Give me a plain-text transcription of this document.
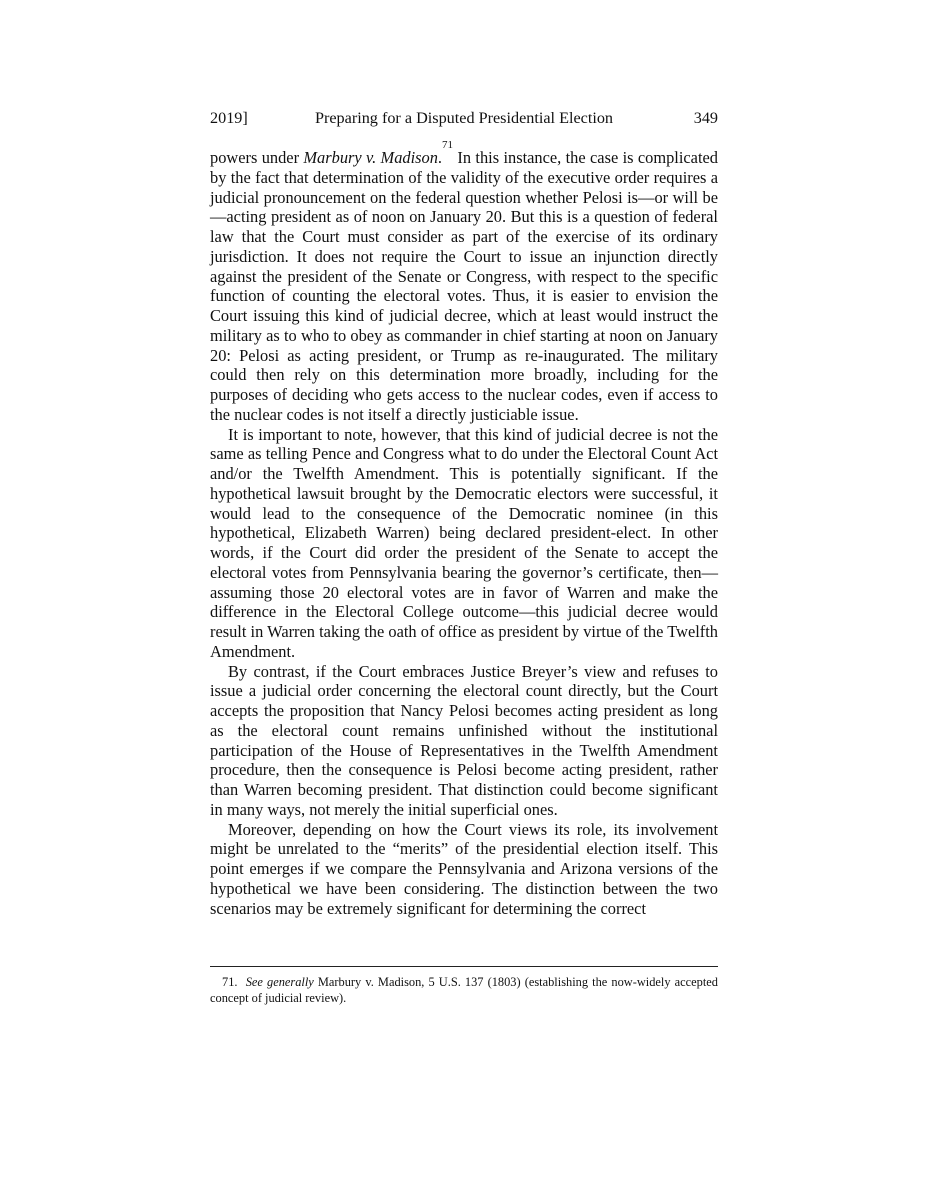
2019]	Preparing for a Disputed Presidential Election	349

powers under Marbury v. Madison.$^{71}$ In this instance, the case is complicated by the fact that determination of the validity of the executive order requires a judicial pronouncement on the federal question whether Pelosi is—or will be—acting president as of noon on January 20. But this is a question of federal law that the Court must consider as part of the exercise of its ordinary jurisdiction. It does not require the Court to issue an injunction directly against the president of the Senate or Congress, with respect to the specific function of counting the electoral votes. Thus, it is easier to envision the Court issuing this kind of judicial decree, which at least would instruct the military as to who to obey as commander in chief starting at noon on January 20: Pelosi as acting president, or Trump as re-inaugurated. The military could then rely on this determination more broadly, including for the purposes of deciding who gets access to the nuclear codes, even if access to the nuclear codes is not itself a directly justiciable issue.

It is important to note, however, that this kind of judicial decree is not the same as telling Pence and Congress what to do under the Electoral Count Act and/or the Twelfth Amendment. This is potentially significant. If the hypothetical lawsuit brought by the Democratic electors were successful, it would lead to the consequence of the Democratic nominee (in this hypothetical, Elizabeth Warren) being declared president-elect. In other words, if the Court did order the president of the Senate to accept the electoral votes from Pennsylvania bearing the governor’s certificate, then—assuming those 20 electoral votes are in favor of Warren and make the difference in the Electoral College outcome—this judicial decree would result in Warren taking the oath of office as president by virtue of the Twelfth Amendment.

By contrast, if the Court embraces Justice Breyer’s view and refuses to issue a judicial order concerning the electoral count directly, but the Court accepts the proposition that Nancy Pelosi becomes acting president as long as the electoral count remains unfinished without the institutional participation of the House of Representatives in the Twelfth Amendment procedure, then the consequence is Pelosi become acting president, rather than Warren becoming president. That distinction could become significant in many ways, not merely the initial superficial ones.

Moreover, depending on how the Court views its role, its involvement might be unrelated to the “merits” of the presidential election itself. This point emerges if we compare the Pennsylvania and Arizona versions of the hypothetical we have been considering. The distinction between the two scenarios may be extremely significant for determining the correct

71. See generally Marbury v. Madison, 5 U.S. 137 (1803) (establishing the now-widely accepted concept of judicial review).
